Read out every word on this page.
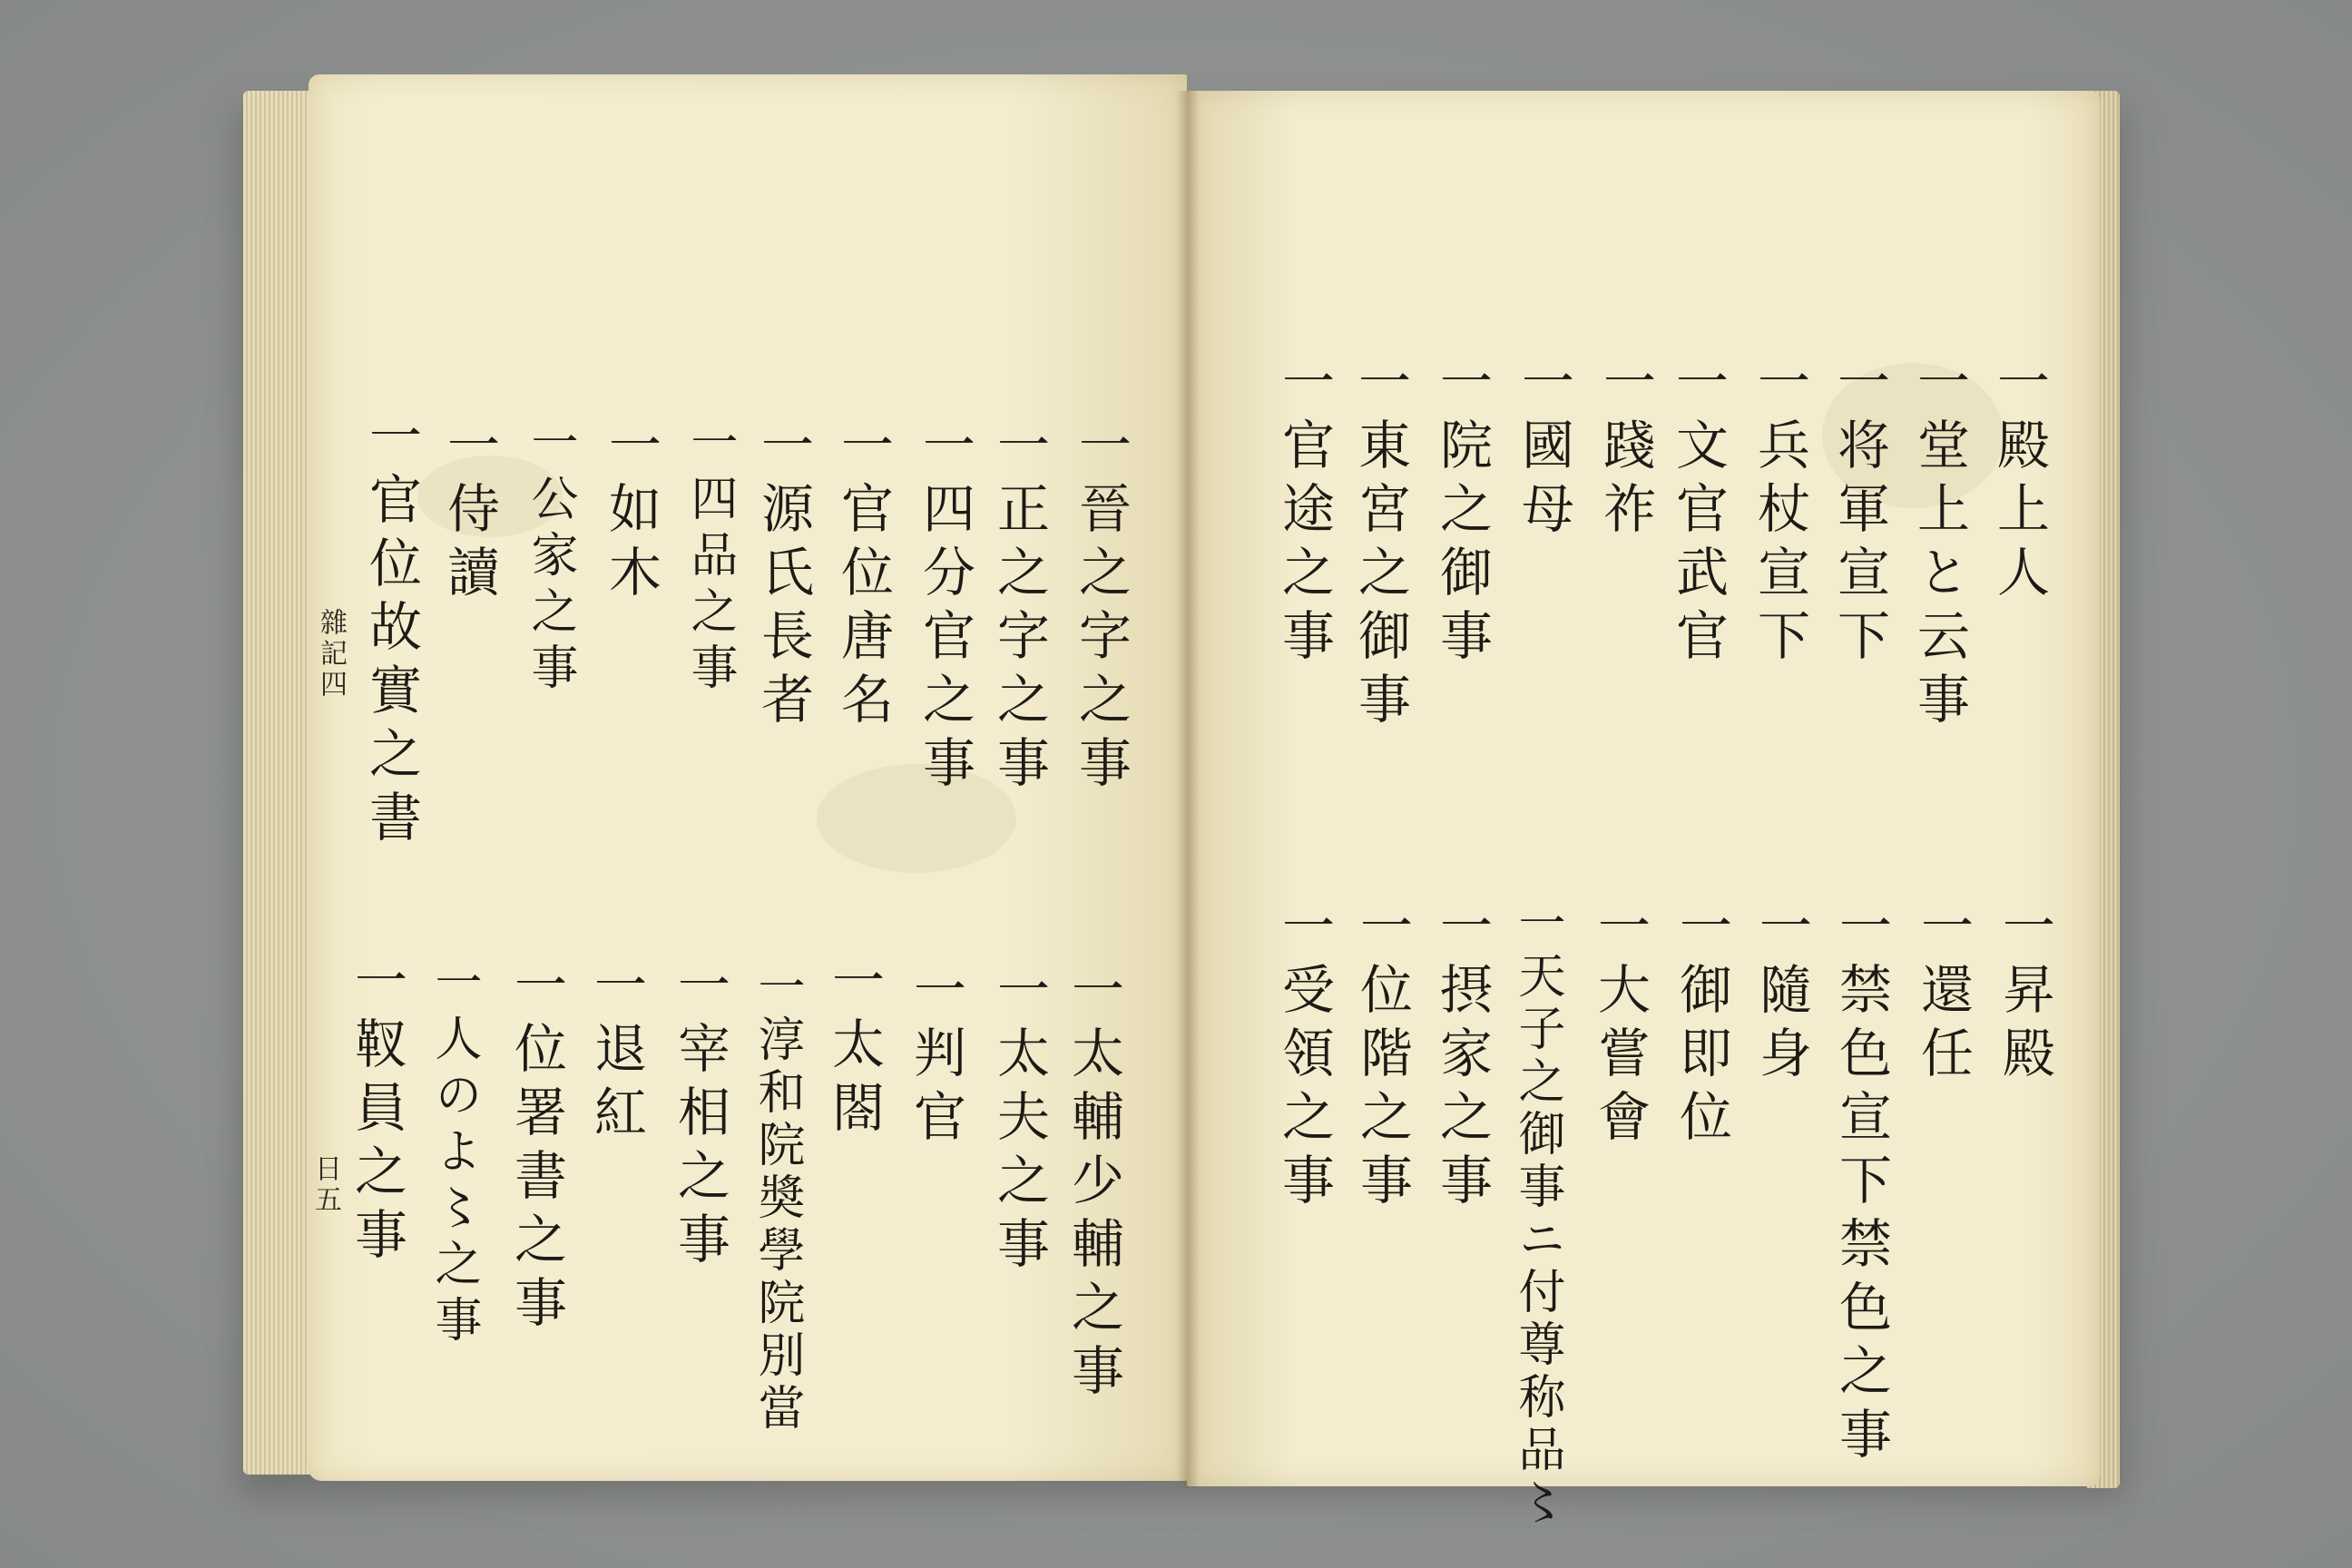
一晉之字之事
一正之字之事
一四分官之事
一官位唐名
一源氏長者
一四品之事
一如木
一公家之事
一侍讀
一官位故實之書
一太輔少輔之事
一太夫之事
一判官
一太閤
一淳和院奬學院別當
一宰相之事
一退紅
一位署書之事
一人のよ〻之事
一靫員之事
雜記四
日五
一殿上人
一堂上と云事
一将軍宣下
一兵杖宣下
一文官武官
一踐祚
一國母
一院之御事
一東宮之御事
一官途之事
一昇殿
一還任
一禁色宣下禁色之事
一隨身
一御即位
一大嘗會
一天子之御事ニ付尊称品〻
一摂家之事
一位階之事
一受領之事
